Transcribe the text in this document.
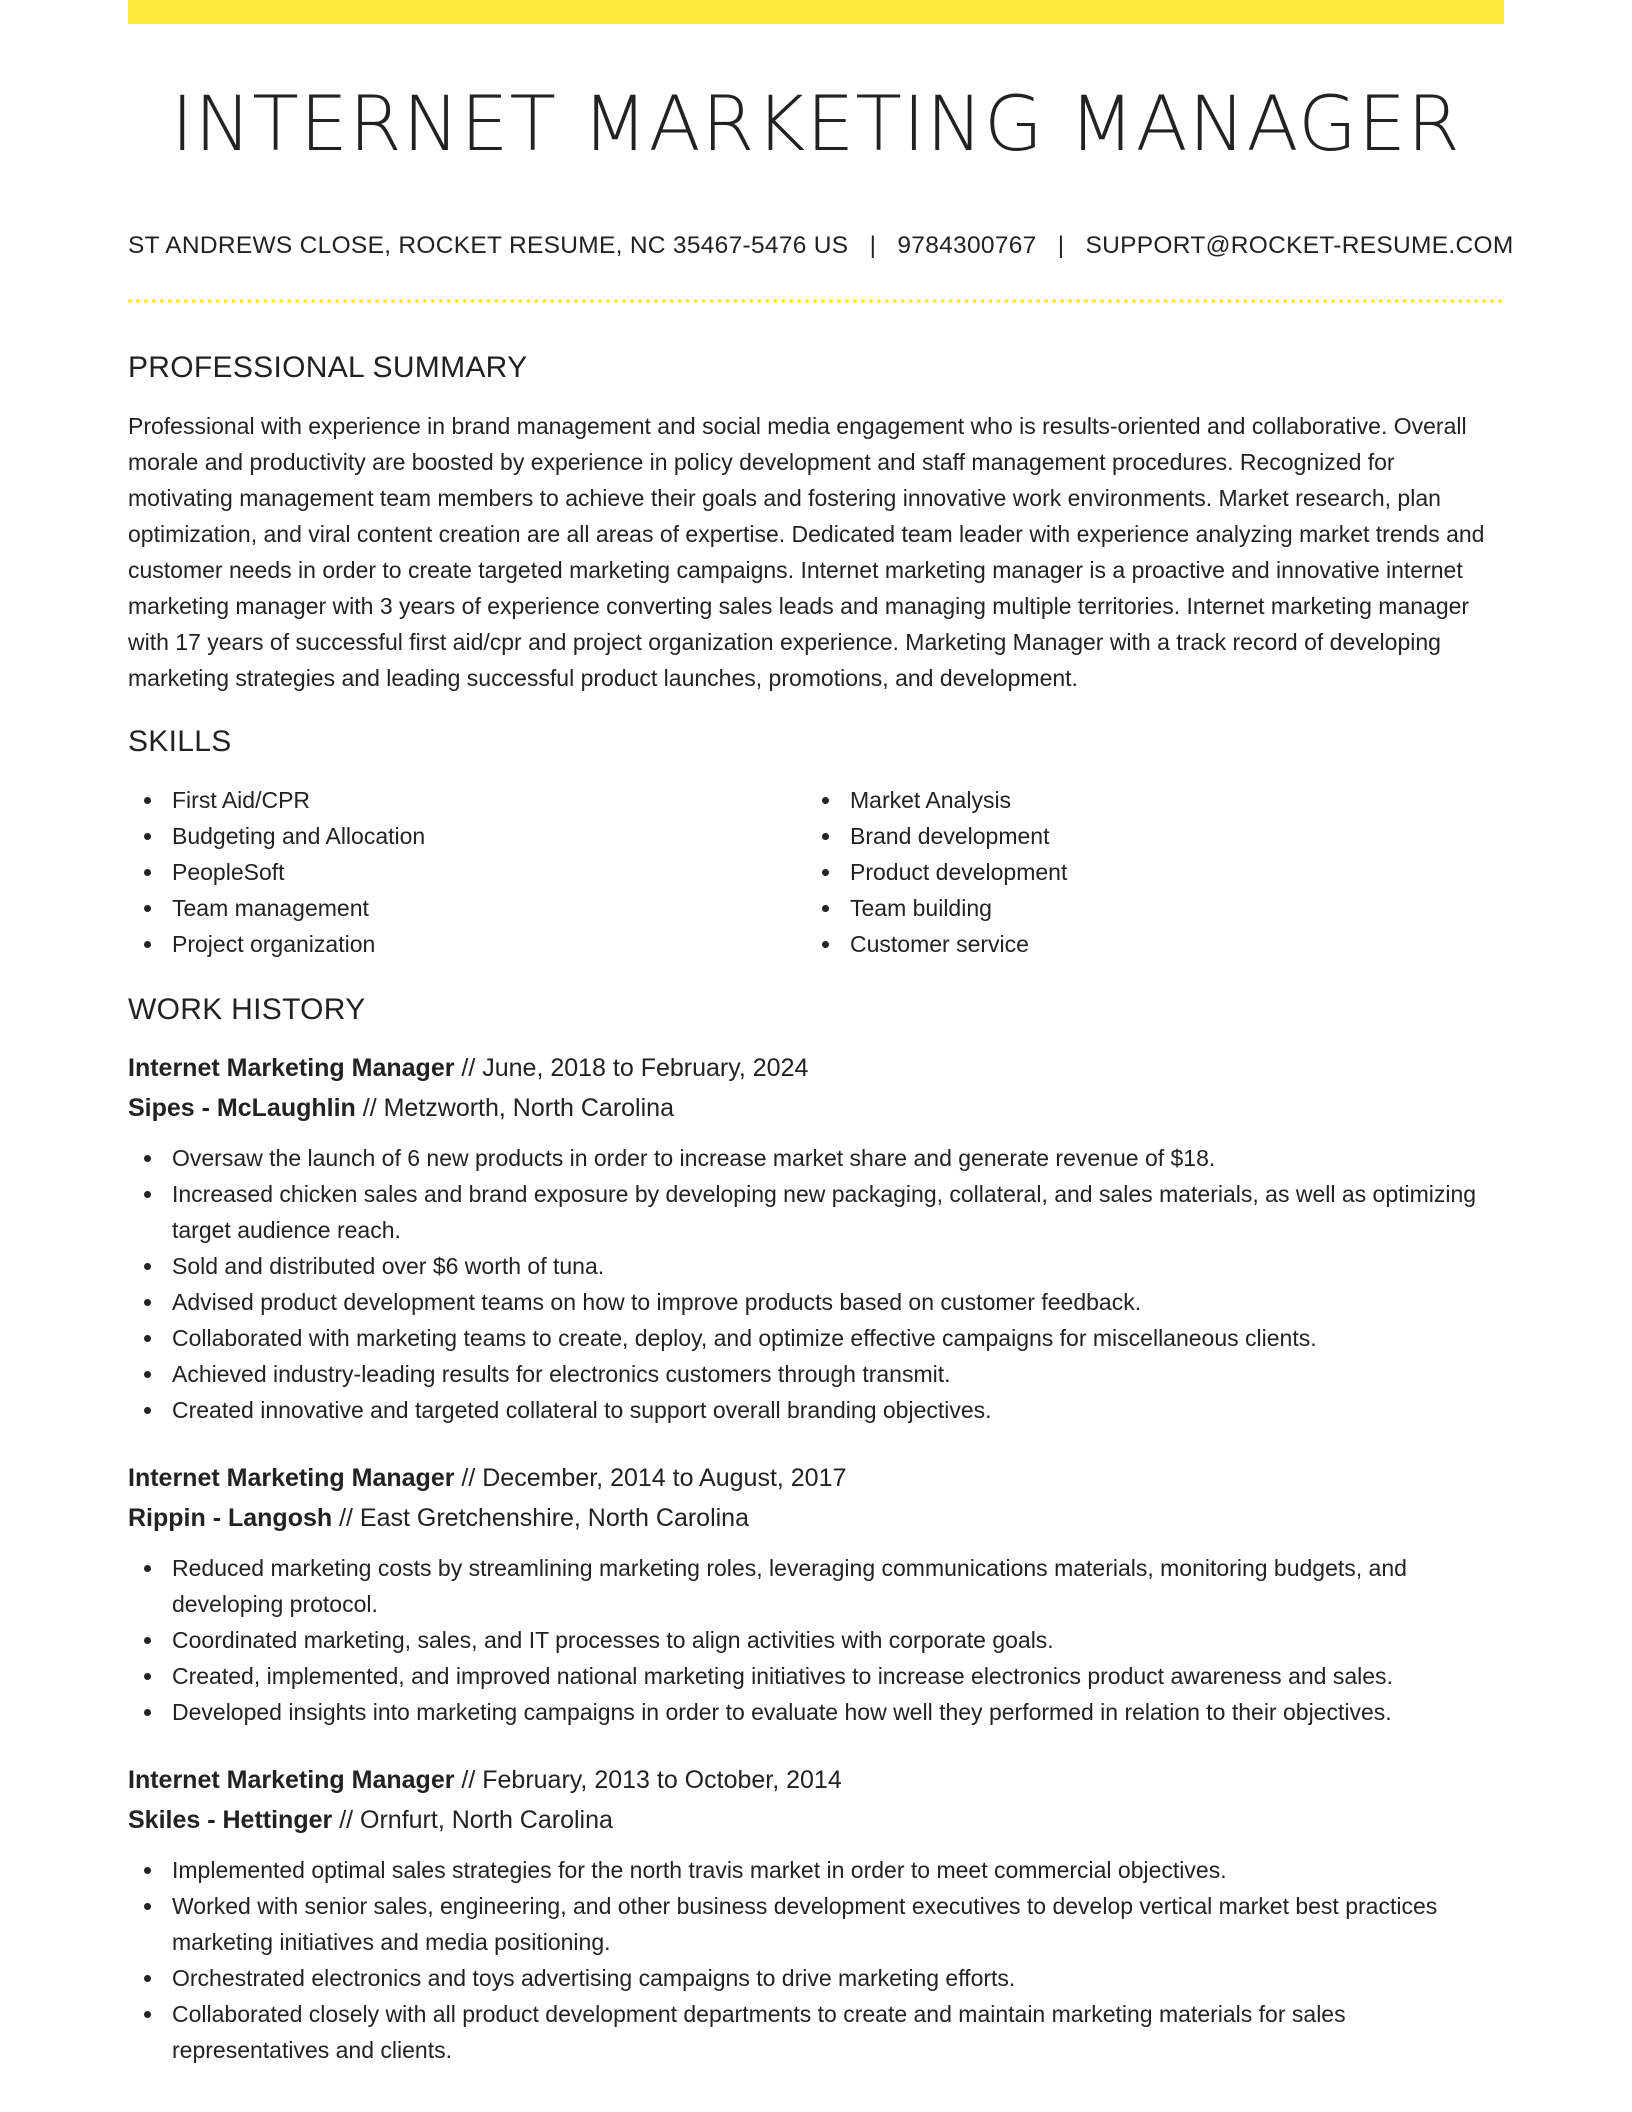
INTERNET MARKETING MANAGER
ST ANDREWS CLOSE, ROCKET RESUME, NC 35467-5476 US | 9784300767 | SUPPORT@ROCKET-RESUME.COM
PROFESSIONAL SUMMARY
Professional with experience in brand management and social media engagement who is results-oriented and collaborative. Overall morale and productivity are boosted by experience in policy development and staff management procedures. Recognized for motivating management team members to achieve their goals and fostering innovative work environments. Market research, plan optimization, and viral content creation are all areas of expertise. Dedicated team leader with experience analyzing market trends and customer needs in order to create targeted marketing campaigns. Internet marketing manager is a proactive and innovative internet marketing manager with 3 years of experience converting sales leads and managing multiple territories. Internet marketing manager with 17 years of successful first aid/cpr and project organization experience. Marketing Manager with a track record of developing marketing strategies and leading successful product launches, promotions, and development.
SKILLS
First Aid/CPR
Budgeting and Allocation
PeopleSoft
Team management
Project organization
Market Analysis
Brand development
Product development
Team building
Customer service
WORK HISTORY
Internet Marketing Manager // June, 2018 to February, 2024
Sipes - McLaughlin // Metzworth, North Carolina
Oversaw the launch of 6 new products in order to increase market share and generate revenue of $18.
Increased chicken sales and brand exposure by developing new packaging, collateral, and sales materials, as well as optimizing target audience reach.
Sold and distributed over $6 worth of tuna.
Advised product development teams on how to improve products based on customer feedback.
Collaborated with marketing teams to create, deploy, and optimize effective campaigns for miscellaneous clients.
Achieved industry-leading results for electronics customers through transmit.
Created innovative and targeted collateral to support overall branding objectives.
Internet Marketing Manager // December, 2014 to August, 2017
Rippin - Langosh // East Gretchenshire, North Carolina
Reduced marketing costs by streamlining marketing roles, leveraging communications materials, monitoring budgets, and developing protocol.
Coordinated marketing, sales, and IT processes to align activities with corporate goals.
Created, implemented, and improved national marketing initiatives to increase electronics product awareness and sales.
Developed insights into marketing campaigns in order to evaluate how well they performed in relation to their objectives.
Internet Marketing Manager // February, 2013 to October, 2014
Skiles - Hettinger // Ornfurt, North Carolina
Implemented optimal sales strategies for the north travis market in order to meet commercial objectives.
Worked with senior sales, engineering, and other business development executives to develop vertical market best practices marketing initiatives and media positioning.
Orchestrated electronics and toys advertising campaigns to drive marketing efforts.
Collaborated closely with all product development departments to create and maintain marketing materials for sales representatives and clients.
